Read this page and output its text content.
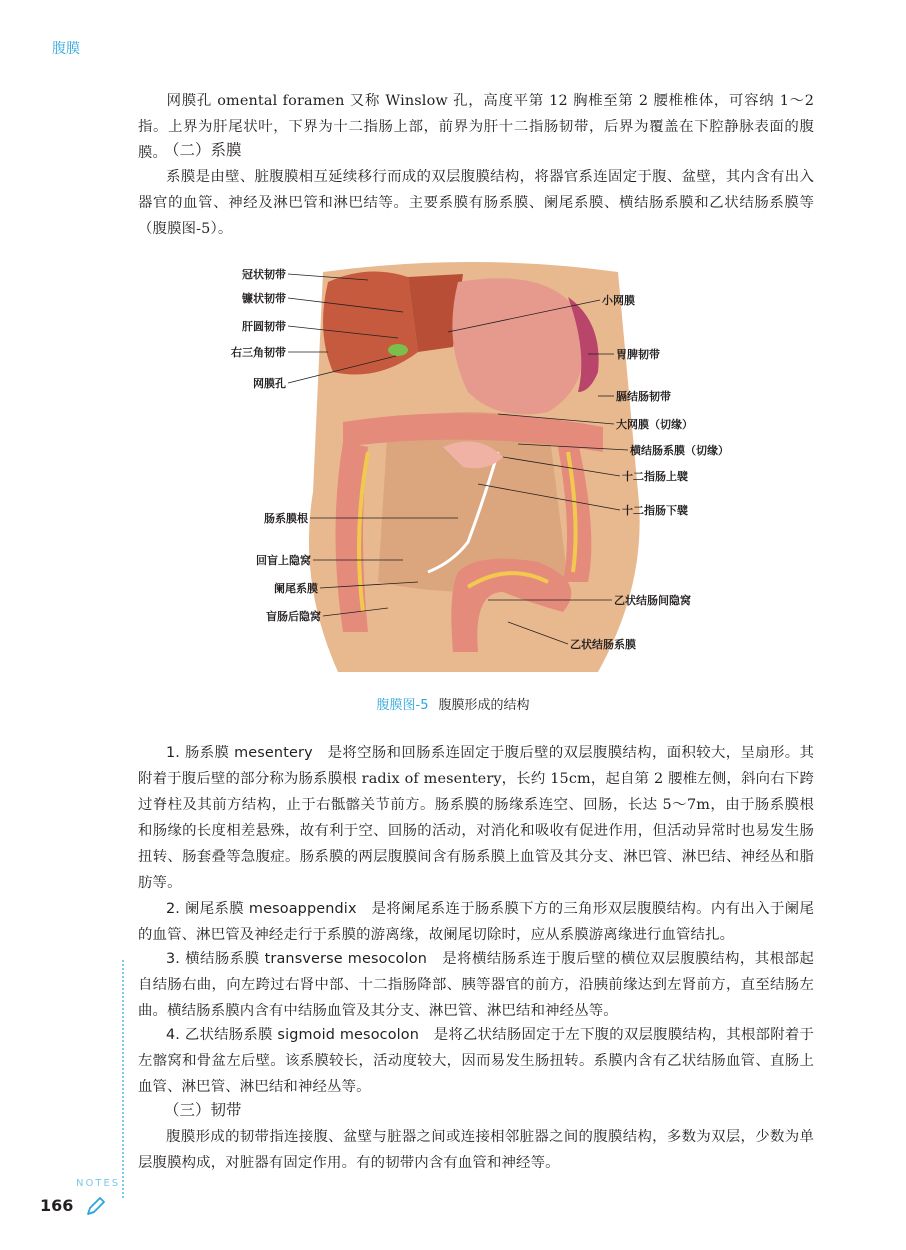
腹膜

网膜孔 omental foramen 又称 Winslow 孔，高度平第 12 胸椎至第 2 腰椎椎体，可容纳 1～2 指。上界为肝尾状叶，下界为十二指肠上部，前界为肝十二指肠韧带，后界为覆盖在下腔静脉表面的腹膜。

（二）系膜

系膜是由壁、脏腹膜相互延续移行而成的双层腹膜结构，将器官系连固定于腹、盆壁，其内含有出入器官的血管、神经及淋巴管和淋巴结等。主要系膜有肠系膜、阑尾系膜、横结肠系膜和乙状结肠系膜等（腹膜图-5）。

冠状韧带
镰状韧带
肝圆韧带
右三角韧带
网膜孔
肠系膜根
回盲上隐窝
阑尾系膜
盲肠后隐窝
小网膜
胃脾韧带
膈结肠韧带
大网膜（切缘）
横结肠系膜（切缘）
十二指肠上襞
十二指肠下襞
乙状结肠间隐窝
乙状结肠系膜
腹膜图-5 腹膜形成的结构

1. 肠系膜 mesentery　是将空肠和回肠系连固定于腹后壁的双层腹膜结构，面积较大，呈扇形。其附着于腹后壁的部分称为肠系膜根 radix of mesentery，长约 15cm，起自第 2 腰椎左侧，斜向右下跨过脊柱及其前方结构，止于右骶髂关节前方。肠系膜的肠缘系连空、回肠，长达 5～7m，由于肠系膜根和肠缘的长度相差悬殊，故有利于空、回肠的活动，对消化和吸收有促进作用，但活动异常时也易发生肠扭转、肠套叠等急腹症。肠系膜的两层腹膜间含有肠系膜上血管及其分支、淋巴管、淋巴结、神经丛和脂肪等。

2. 阑尾系膜 mesoappendix　是将阑尾系连于肠系膜下方的三角形双层腹膜结构。内有出入于阑尾的血管、淋巴管及神经走行于系膜的游离缘，故阑尾切除时，应从系膜游离缘进行血管结扎。

3. 横结肠系膜 transverse mesocolon　是将横结肠系连于腹后壁的横位双层腹膜结构，其根部起自结肠右曲，向左跨过右肾中部、十二指肠降部、胰等器官的前方，沿胰前缘达到左肾前方，直至结肠左曲。横结肠系膜内含有中结肠血管及其分支、淋巴管、淋巴结和神经丛等。

4. 乙状结肠系膜 sigmoid mesocolon　是将乙状结肠固定于左下腹的双层腹膜结构，其根部附着于左髂窝和骨盆左后壁。该系膜较长，活动度较大，因而易发生肠扭转。系膜内含有乙状结肠血管、直肠上血管、淋巴管、淋巴结和神经丛等。

（三）韧带

腹膜形成的韧带指连接腹、盆壁与脏器之间或连接相邻脏器之间的腹膜结构，多数为双层，少数为单层腹膜构成，对脏器有固定作用。有的韧带内含有血管和神经等。

NOTES
166
